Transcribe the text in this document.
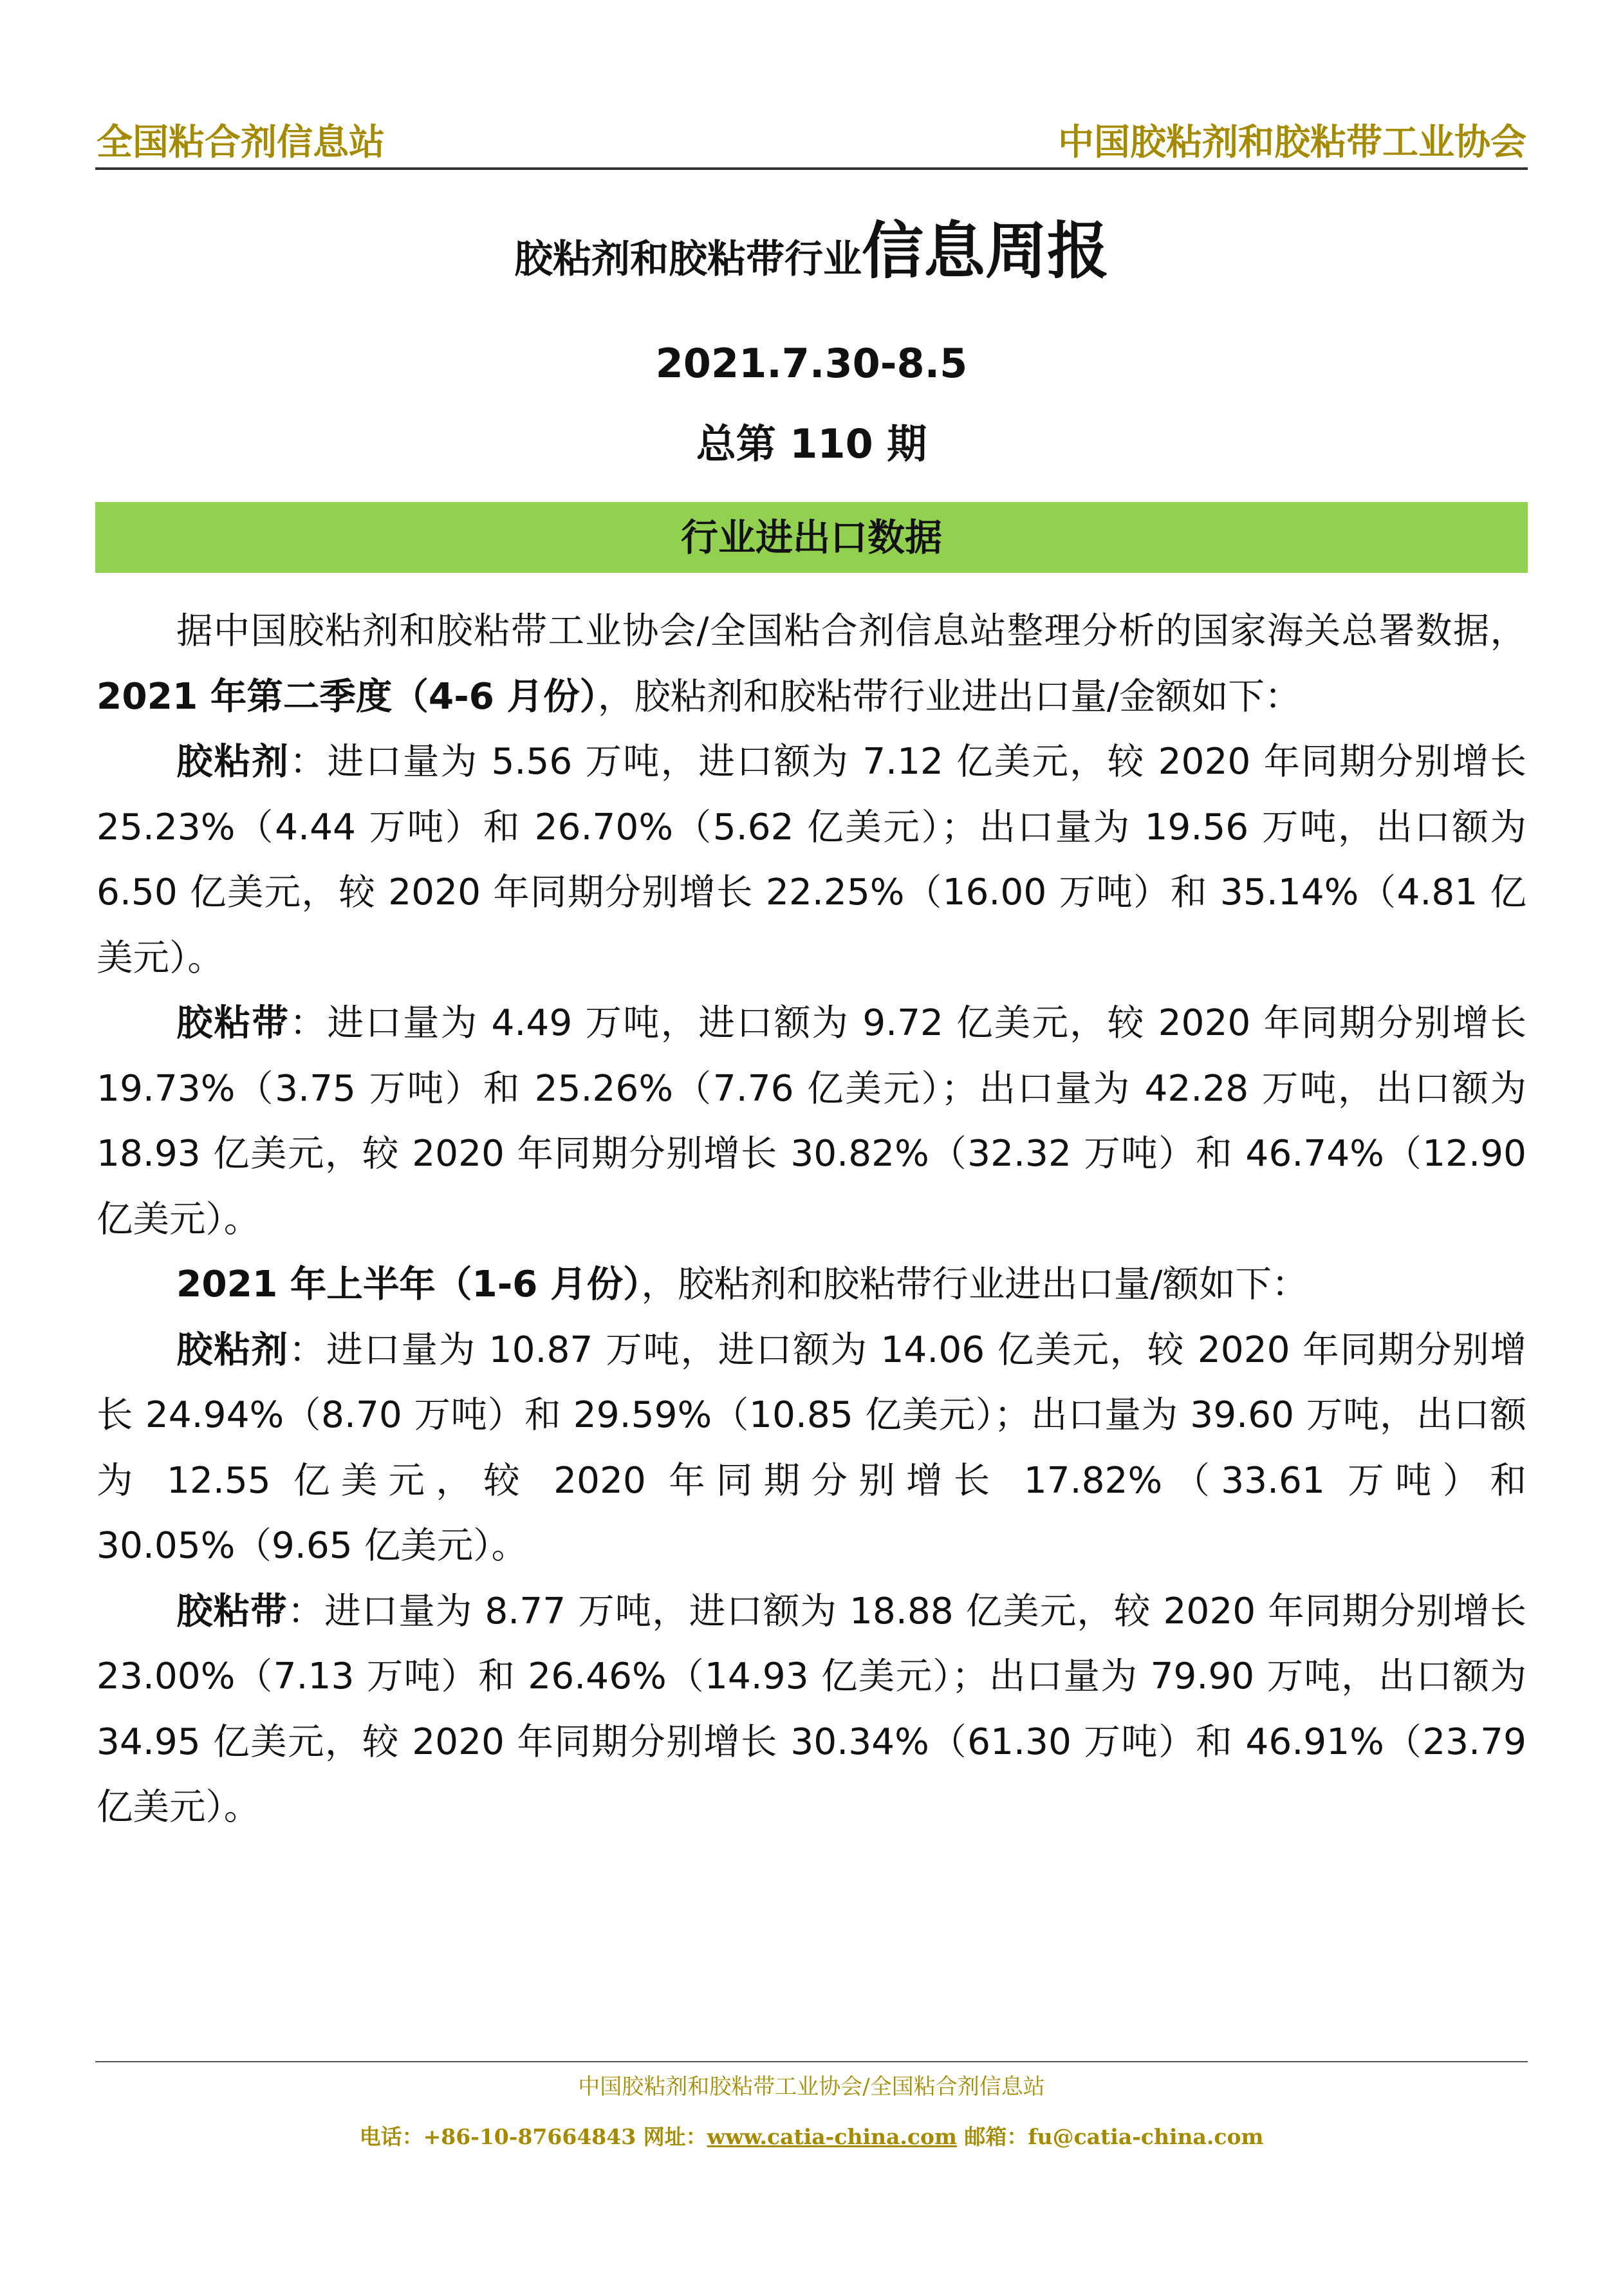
全国粘合剂信息站	中国胶粘剂和胶粘带工业协会
胶粘剂和胶粘带行业信息周报
2021.7.30-8.5
总第 110 期
行业进出口数据

据中国胶粘剂和胶粘带工业协会/全国粘合剂信息站整理分析的国家海关总署数据，2021 年第二季度（4-6 月份），胶粘剂和胶粘带行业进出口量/金额如下：

胶粘剂：进口量为 5.56 万吨，进口额为 7.12 亿美元，较 2020 年同期分别增长 25.23%（4.44 万吨）和 26.70%（5.62 亿美元）；出口量为 19.56 万吨，出口额为 6.50 亿美元，较 2020 年同期分别增长 22.25%（16.00 万吨）和 35.14%（4.81 亿美元）。

胶粘带：进口量为 4.49 万吨，进口额为 9.72 亿美元，较 2020 年同期分别增长 19.73%（3.75 万吨）和 25.26%（7.76 亿美元）；出口量为 42.28 万吨，出口额为 18.93 亿美元，较 2020 年同期分别增长 30.82%（32.32 万吨）和 46.74%（12.90 亿美元）。

2021 年上半年（1-6 月份），胶粘剂和胶粘带行业进出口量/额如下：

胶粘剂：进口量为 10.87 万吨，进口额为 14.06 亿美元，较 2020 年同期分别增长 24.94%（8.70 万吨）和 29.59%（10.85 亿美元）；出口量为 39.60 万吨，出口额为 12.55 亿美元，较 2020 年同期分别增长 17.82%（33.61 万吨）和 30.05%（9.65 亿美元）。

胶粘带：进口量为 8.77 万吨，进口额为 18.88 亿美元，较 2020 年同期分别增长 23.00%（7.13 万吨）和 26.46%（14.93 亿美元）；出口量为 79.90 万吨，出口额为 34.95 亿美元，较 2020 年同期分别增长 30.34%（61.30 万吨）和 46.91%（23.79 亿美元）。

中国胶粘剂和胶粘带工业协会/全国粘合剂信息站
电话：+86-10-87664843 网址：www.catia-china.com 邮箱：fu@catia-china.com
